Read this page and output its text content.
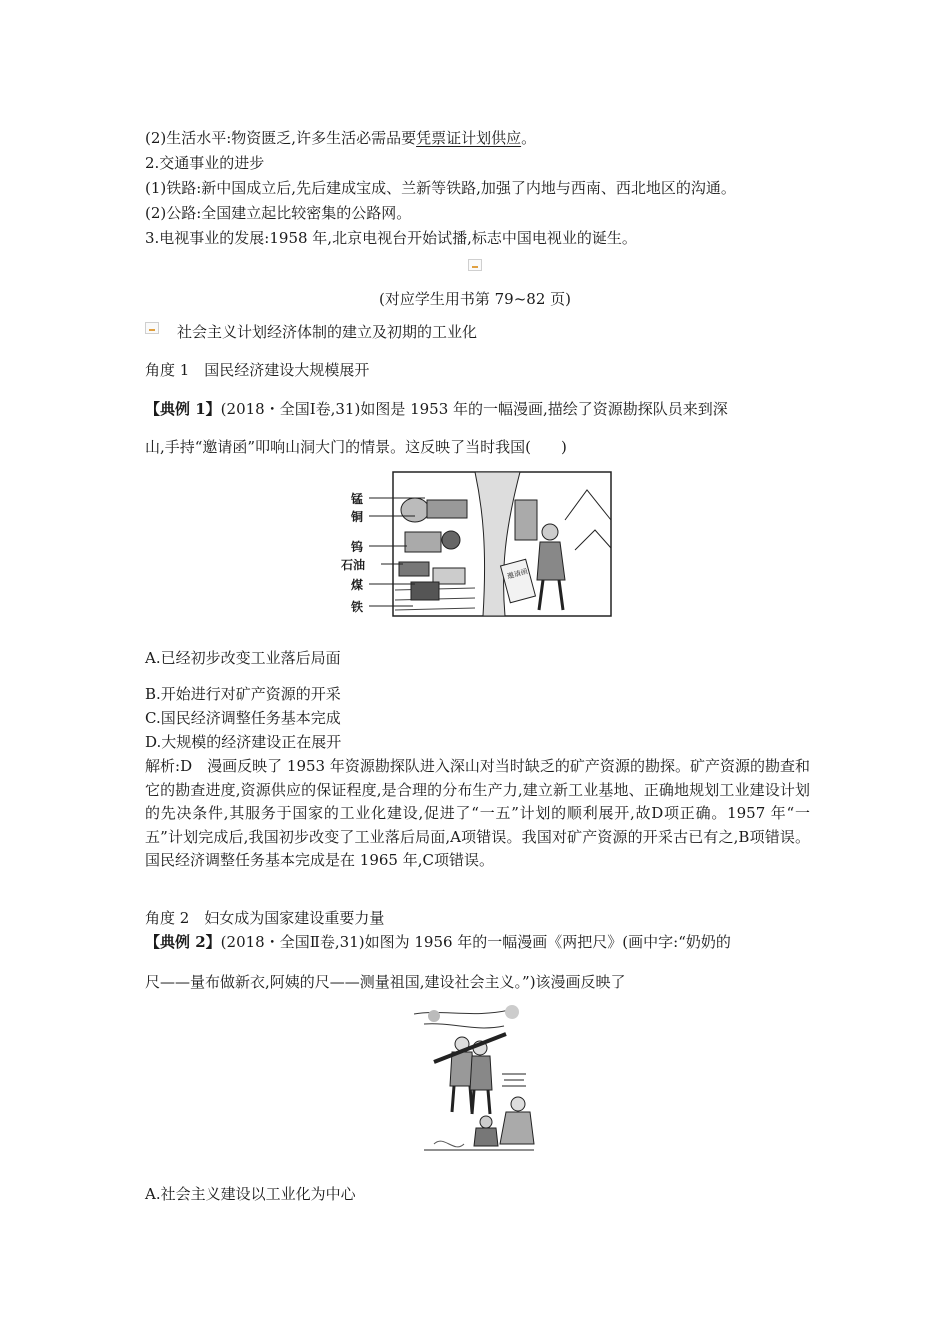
(2)生活水平:物资匮乏,许多生活必需品要凭票证计划供应。
2.交通事业的进步
(1)铁路:新中国成立后,先后建成宝成、兰新等铁路,加强了内地与西南、西北地区的沟通。
(2)公路:全国建立起比较密集的公路网。
3.电视事业的发展:1958 年,北京电视台开始试播,标志中国电视业的诞生。
(对应学生用书第 79~82 页)
社会主义计划经济体制的建立及初期的工业化
角度 1　国民经济建设大规模展开
【典例 1】(2018・全国Ⅰ卷,31)如图是 1953 年的一幅漫画,描绘了资源勘探队员来到深
山,手持“邀请函”叩响山洞大门的情景。这反映了当时我国(　　)
锰
铜
钨
石油
煤
铁
邀请函
A.已经初步改变工业落后局面
B.开始进行对矿产资源的开采
C.国民经济调整任务基本完成
D.大规模的经济建设正在展开
解析:D　漫画反映了 1953 年资源勘探队进入深山对当时缺乏的矿产资源的勘探。矿产资源的勘查和它的勘查进度,资源供应的保证程度,是合理的分布生产力,建立新工业基地、正确地规划工业建设计划的先决条件,其服务于国家的工业化建设,促进了“一五”计划的顺利展开,故D项正确。1957 年“一五”计划完成后,我国初步改变了工业落后局面,A项错误。我国对矿产资源的开采古已有之,B项错误。国民经济调整任务基本完成是在 1965 年,C项错误。
角度 2　妇女成为国家建设重要力量
【典例 2】(2018・全国Ⅱ卷,31)如图为 1956 年的一幅漫画《两把尺》(画中字:“奶奶的
尺——量布做新衣,阿姨的尺——测量祖国,建设社会主义。”)该漫画反映了
A.社会主义建设以工业化为中心
